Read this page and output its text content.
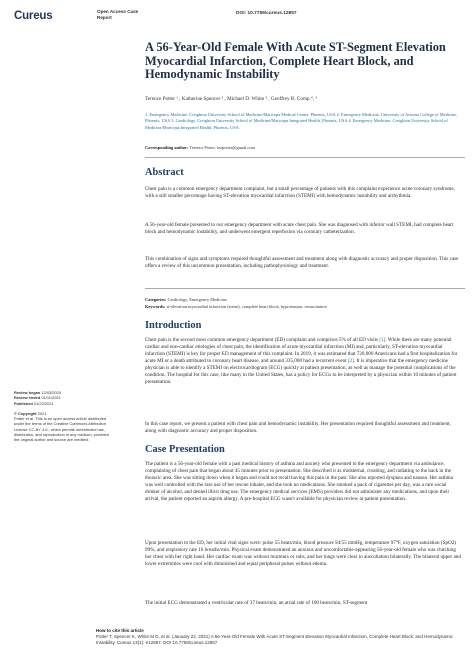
Cureus	Open Access Case
Report
DOI: 10.7759/cureus.12857
A 56-Year-Old Female With Acute ST-Segment Elevation Myocardial Infarction, Complete Heart Block, and Hemodynamic Instability
Terence Potter ¹ , Katherine Spencer ² , Michael D. White ³ , Geoffrey B. Comp ⁴, ³
1. Emergency Medicine, Creighton University School of Medicine/Maricopa Medical Center, Phoenix, USA 2. Emergency Medicine, University of Arizona College of Medicine, Phoenix, USA 3. Cardiology, Creighton University School of Medicine/Maricopa Integrated Health, Phoenix, USA 4. Emergency Medicine, Creighton University School of Medicine/Maricopa Integrated Health, Phoenix, USA
Corresponding author: Terence Potter, tezpotter@gmail.com
Abstract
Chest pain is a common emergency department complaint, but a small percentage of patients with this complaint experience acute coronary syndrome, with a still smaller percentage having ST-elevation myocardial infarction (STEMI) with hemodynamic instability and arrhythmia.
A 56-year-old female presented to our emergency department with acute chest pain. She was diagnosed with inferior wall STEMI, had complete heart block and hemodynamic instability, and underwent emergent reperfusion via coronary catheterization.
This combination of signs and symptoms required thoughtful assessment and treatment along with diagnostic accuracy and proper disposition. This case offers a review of this uncommon presentation, including pathophysiology and treatment.
Categories: Cardiology, Emergency Medicine
Keywords: st-elevation myocardial infarction (stemi), complete heart block, hypotension, resuscitation
Introduction
Chest pain is the second most common emergency department (ED) complaint and comprises 5% of all ED visits [1]. While there are many potential cardiac and non-cardiac etiologies of chest pain, the identification of acute myocardial infarction (MI) and, particularly, ST-elevation myocardial infarction (STEMI) is key for proper ED management of this complaint. In 2019, it was estimated that 720,000 Americans had a first hospitalization for acute MI or a death attributed to coronary heart disease, and around 335,000 had a recurrent event [2]. It is imperative that the emergency medicine physician is able to identify a STEMI on electrocardiogram (ECG) quickly at patient presentation, as well as manage the potential complications of the condition. The hospital for this case, like many in the United States, has a policy for ECGs to be interpreted by a physician within 10 minutes of patient presentation.
In this case report, we present a patient with chest pain and hemodynamic instability. Her presentation required thoughtful assessment and treatment, along with diagnostic accuracy and proper disposition.
Case Presentation
The patient is a 56-year-old female with a past medical history of asthma and anxiety who presented to the emergency department via ambulance, complaining of chest pain that began about 45 minutes prior to presentation. She described it as midsternal, crushing, and radiating to the back in the thoracic area. She was sitting down when it began and could not recall having this pain in the past. She also reported dyspnea and nausea. Her asthma was well controlled with the rare use of her rescue inhaler, and she took no medications. She smoked a pack of cigarettes per day, was a rare social drinker of alcohol, and denied illicit drug use. The emergency medical services (EMS) providers did not administer any medications, and upon their arrival, the patient reported an aspirin allergy. A pre-hospital ECG wasn't available for physician review at patient presentation.
Upon presentation to the ED, her initial vital signs were: pulse 55 beats/min, blood pressure 94/55 mmHg, temperature 97°F, oxygen saturation (SpO2) 99%, and respiratory rate 16 breaths/min. Physical exam demonstrated an anxious and uncomfortable-appearing 56-year-old female who was clutching her chest with her right hand. Her cardiac exam was without murmurs or rubs, and her lungs were clear to auscultation bilaterally. The bilateral upper and lower extremities were cool with diminished and equal peripheral pulses without edema.
The initial ECG demonstrated a ventricular rate of 37 beats/min, an atrial rate of 100 beats/min, ST-segment
Review began 12/03/2020
Review ended 01/11/2021
Published 01/22/2021
© Copyright 2021
Potter et al. This is an open access article distributed under the terms of the Creative Commons Attribution License CC-BY 4.0., which permits unrestricted use, distribution, and reproduction in any medium, provided the original author and source are credited.
How to cite this article
Potter T, Spencer K, White M D, et al. (January 22, 2021) A 56-Year-Old Female With Acute ST-Segment Elevation Myocardial Infarction, Complete Heart Block, and Hemodynamic Instability. Cureus 13(1): e12857. DOI 10.7759/cureus.12857
